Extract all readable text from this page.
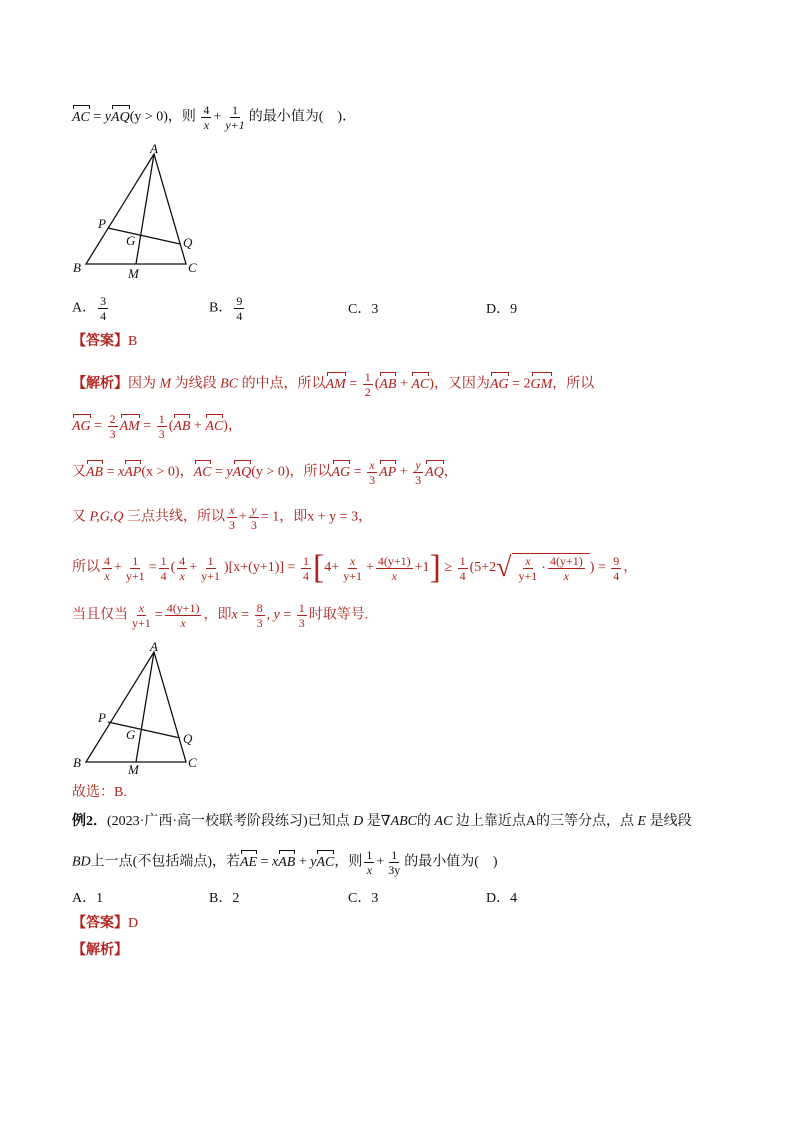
AC = yAQ(y > 0)，则 $\frac{4}{x} + \frac{1}{y+1}$ 的最小值为(　)．
A
B	C
P
Q
G
M
A． $\frac{3}{4}$	B． $\frac{9}{4}$	C．3	D．9
【答案】B
【解析】因为 M 为线段 BC 的中点，所以AM = $\frac{1}{2} (AB + AC)$，又因为AG = 2GM，所以
AG = $\frac{2}{3}$ AM = $\frac{1}{3} (AB + AC)$，
又AB = xAP(x > 0)，AC = yAQ(y > 0)，所以AG = $\frac{x}{3}$ AP + $\frac{y}{3}$ AQ，
又 P,G,Q 三点共线，所以 $\frac{x}{3} + \frac{y}{3} = 1$，即x + y = 3，
所以 $\frac{4}{x} + \frac{1}{y+1} = \frac{1}{4}$ ( $\frac{4}{x} + \frac{1}{y+1} )[x+(y+1)] = \frac{1}{4} [4+ \frac{x}{y+1} + \frac{4(y+1)}{x} +1] \ge \frac{1}{4} (5+2$ √ $\frac{x}{y+1} \cdot \frac{4(y+1)}{x}$ ) = $\frac{9}{4}$ ，
当且仅当 $\frac{x}{y+1} = \frac{4(y+1)}{x}$ ，即$x = \frac{8}{3}$ , $y = \frac{1}{3}$ 时取等号.
A
B	C
P
Q
G
M
故选：B.
例2．(2023·广西·高一校联考阶段练习)已知点 D 是∇ABC的 AC 边上靠近点A的三等分点，点 E 是线段
BD上一点(不包括端点)，若AE = xAB + yAC，则 $\frac{1}{x} + \frac{1}{3y}$ 的最小值为(　)
A．1	B．2	C．3	D．4
【答案】D
【解析】
